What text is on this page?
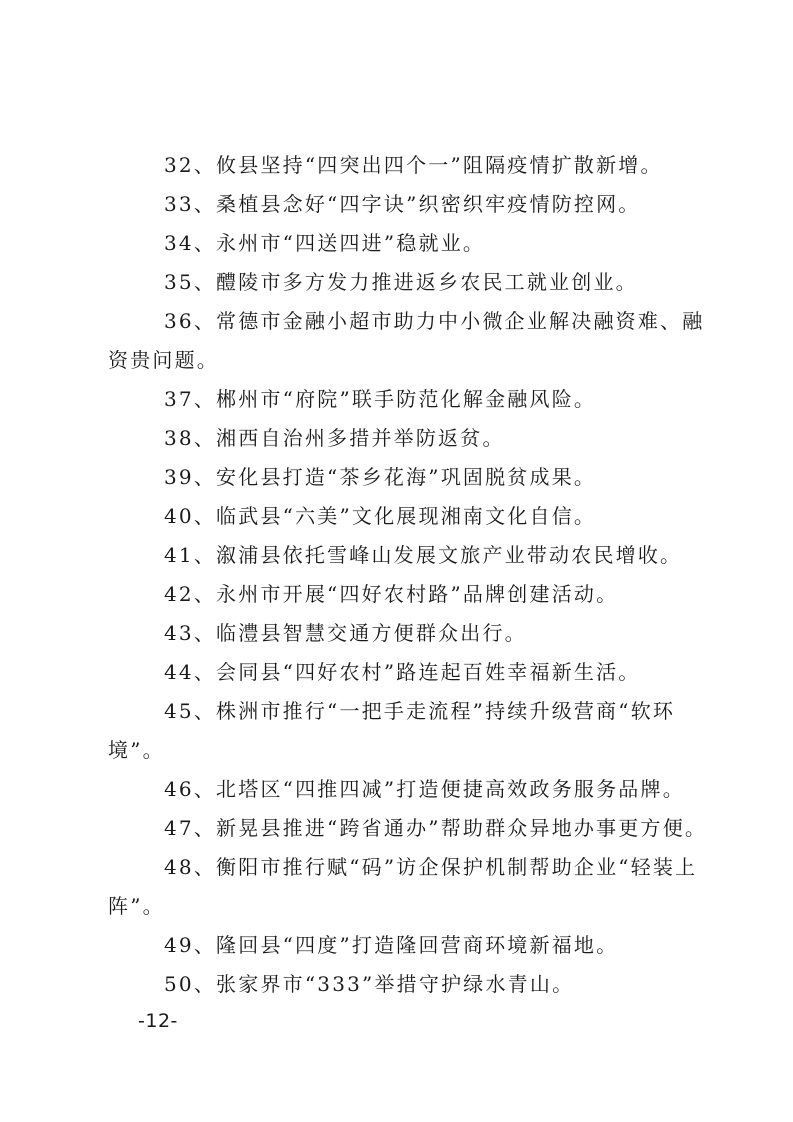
32、攸县坚持“四突出四个一”阻隔疫情扩散新增。

33、桑植县念好“四字诀”织密织牢疫情防控网。

34、永州市“四送四进”稳就业。

35、醴陵市多方发力推进返乡农民工就业创业。

36、常德市金融小超市助力中小微企业解决融资难、融资贵问题。

37、郴州市“府院”联手防范化解金融风险。

38、湘西自治州多措并举防返贫。

39、安化县打造“茶乡花海”巩固脱贫成果。

40、临武县“六美”文化展现湘南文化自信。

41、溆浦县依托雪峰山发展文旅产业带动农民增收。

42、永州市开展“四好农村路”品牌创建活动。

43、临澧县智慧交通方便群众出行。

44、会同县“四好农村”路连起百姓幸福新生活。

45、株洲市推行“一把手走流程”持续升级营商“软环境”。

46、北塔区“四推四减”打造便捷高效政务服务品牌。

47、新晃县推进“跨省通办”帮助群众异地办事更方便。

48、衡阳市推行赋“码”访企保护机制帮助企业“轻装上阵”。

49、隆回县“四度”打造隆回营商环境新福地。

50、张家界市“333”举措守护绿水青山。

-12-
